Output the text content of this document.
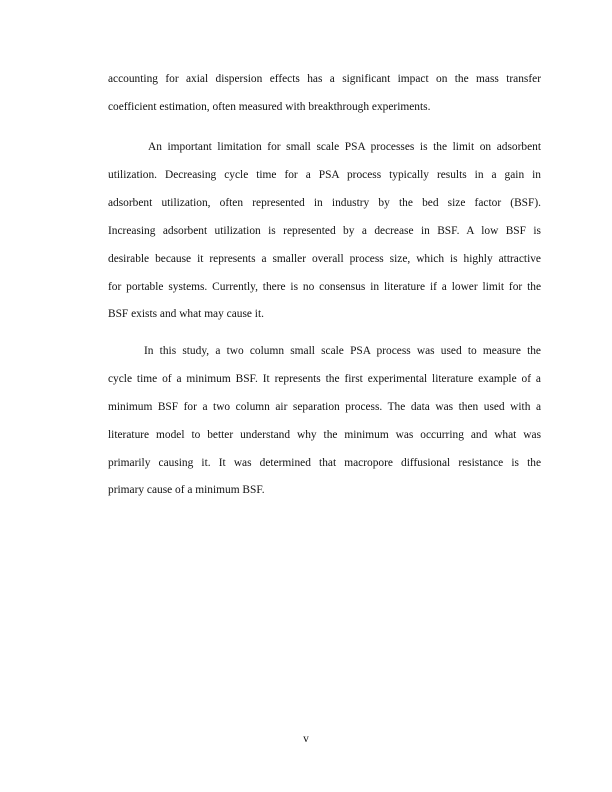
accounting for axial dispersion effects has a significant impact on the mass transfer
coefficient estimation, often measured with breakthrough experiments.
An important limitation for small scale PSA processes is the limit on adsorbent
utilization. Decreasing cycle time for a PSA process typically results in a gain in
adsorbent utilization, often represented in industry by the bed size factor (BSF).
Increasing adsorbent utilization is represented by a decrease in BSF. A low BSF is
desirable because it represents a smaller overall process size, which is highly attractive
for portable systems. Currently, there is no consensus in literature if a lower limit for the
BSF exists and what may cause it.
In this study, a two column small scale PSA process was used to measure the
cycle time of a minimum BSF. It represents the first experimental literature example of a
minimum BSF for a two column air separation process. The data was then used with a
literature model to better understand why the minimum was occurring and what was
primarily causing it. It was determined that macropore diffusional resistance is the
primary cause of a minimum BSF.
v
